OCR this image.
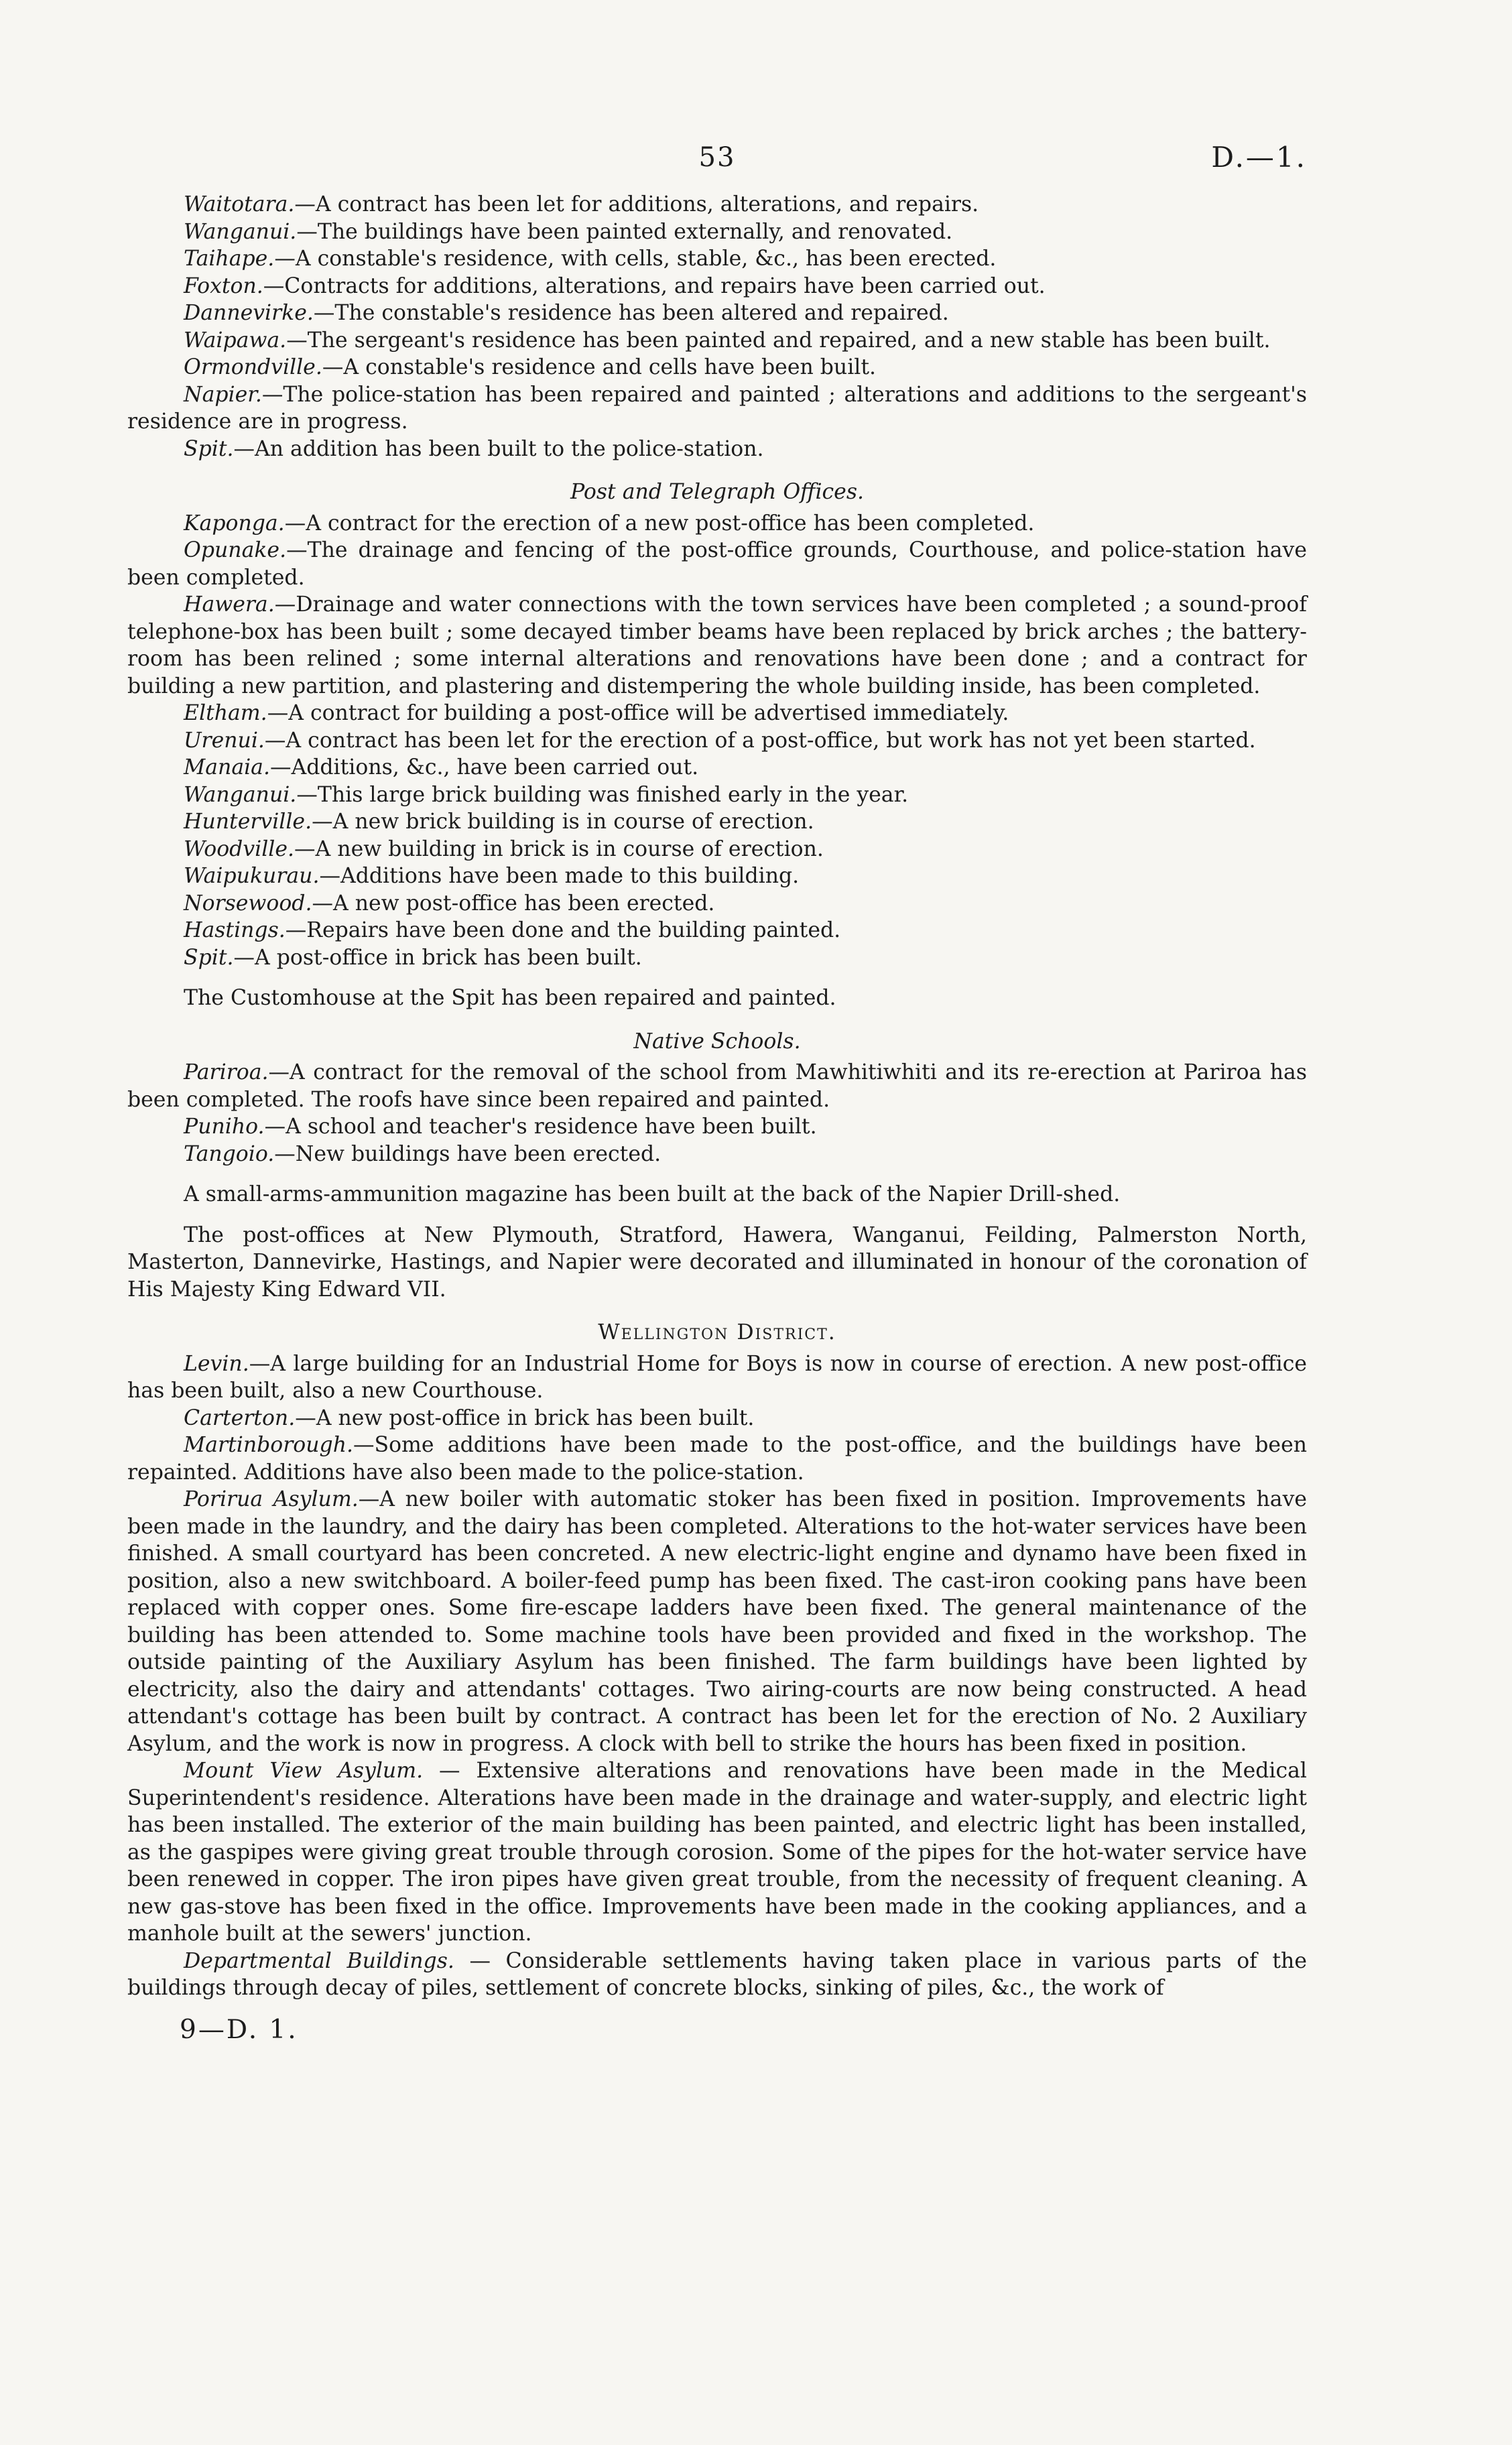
53	D.—1.

Waitotara.—A contract has been let for additions, alterations, and repairs.

Wanganui.—The buildings have been painted externally, and renovated.

Taihape.—A constable's residence, with cells, stable, &c., has been erected.

Foxton.—Contracts for additions, alterations, and repairs have been carried out.

Dannevirke.—The constable's residence has been altered and repaired.

Waipawa.—The sergeant's residence has been painted and repaired, and a new stable has been built.

Ormondville.—A constable's residence and cells have been built.

Napier.—The police-station has been repaired and painted ; alterations and additions to the sergeant's residence are in progress.

Spit.—An addition has been built to the police-station.

Post and Telegraph Offices.

Kaponga.—A contract for the erection of a new post-office has been completed.

Opunake.—The drainage and fencing of the post-office grounds, Courthouse, and police-station have been completed.

Hawera.—Drainage and water connections with the town services have been completed ; a sound-proof telephone-box has been built ; some decayed timber beams have been replaced by brick arches ; the battery-room has been relined ; some internal alterations and renovations have been done ; and a contract for building a new partition, and plastering and distempering the whole building inside, has been completed.

Eltham.—A contract for building a post-office will be advertised immediately.

Urenui.—A contract has been let for the erection of a post-office, but work has not yet been started.

Manaia.—Additions, &c., have been carried out.

Wanganui.—This large brick building was finished early in the year.

Hunterville.—A new brick building is in course of erection.

Woodville.—A new building in brick is in course of erection.

Waipukurau.—Additions have been made to this building.

Norsewood.—A new post-office has been erected.

Hastings.—Repairs have been done and the building painted.

Spit.—A post-office in brick has been built.

The Customhouse at the Spit has been repaired and painted.

Native Schools.

Pariroa.—A contract for the removal of the school from Mawhitiwhiti and its re-erection at Pariroa has been completed. The roofs have since been repaired and painted.

Puniho.—A school and teacher's residence have been built.

Tangoio.—New buildings have been erected.

A small-arms-ammunition magazine has been built at the back of the Napier Drill-shed.

The post-offices at New Plymouth, Stratford, Hawera, Wanganui, Feilding, Palmerston North, Masterton, Dannevirke, Hastings, and Napier were decorated and illuminated in honour of the coronation of His Majesty King Edward VII.

Wellington District.

Levin.—A large building for an Industrial Home for Boys is now in course of erection. A new post-office has been built, also a new Courthouse.

Carterton.—A new post-office in brick has been built.

Martinborough.—Some additions have been made to the post-office, and the buildings have been repainted. Additions have also been made to the police-station.

Porirua Asylum.—A new boiler with automatic stoker has been fixed in position. Improvements have been made in the laundry, and the dairy has been completed. Alterations to the hot-water services have been finished. A small courtyard has been concreted. A new electric-light engine and dynamo have been fixed in position, also a new switchboard. A boiler-feed pump has been fixed. The cast-iron cooking pans have been replaced with copper ones. Some fire-escape ladders have been fixed. The general maintenance of the building has been attended to. Some machine tools have been provided and fixed in the workshop. The outside painting of the Auxiliary Asylum has been finished. The farm buildings have been lighted by electricity, also the dairy and attendants' cottages. Two airing-courts are now being constructed. A head attendant's cottage has been built by contract. A contract has been let for the erection of No. 2 Auxiliary Asylum, and the work is now in progress. A clock with bell to strike the hours has been fixed in position.

Mount View Asylum. — Extensive alterations and renovations have been made in the Medical Superintendent's residence. Alterations have been made in the drainage and water-supply, and electric light has been installed. The exterior of the main building has been painted, and electric light has been installed, as the gaspipes were giving great trouble through corosion. Some of the pipes for the hot-water service have been renewed in copper. The iron pipes have given great trouble, from the necessity of frequent cleaning. A new gas-stove has been fixed in the office. Improvements have been made in the cooking appliances, and a manhole built at the sewers' junction.

Departmental Buildings. — Considerable settlements having taken place in various parts of the buildings through decay of piles, settlement of concrete blocks, sinking of piles, &c., the work of

9—D. 1.
